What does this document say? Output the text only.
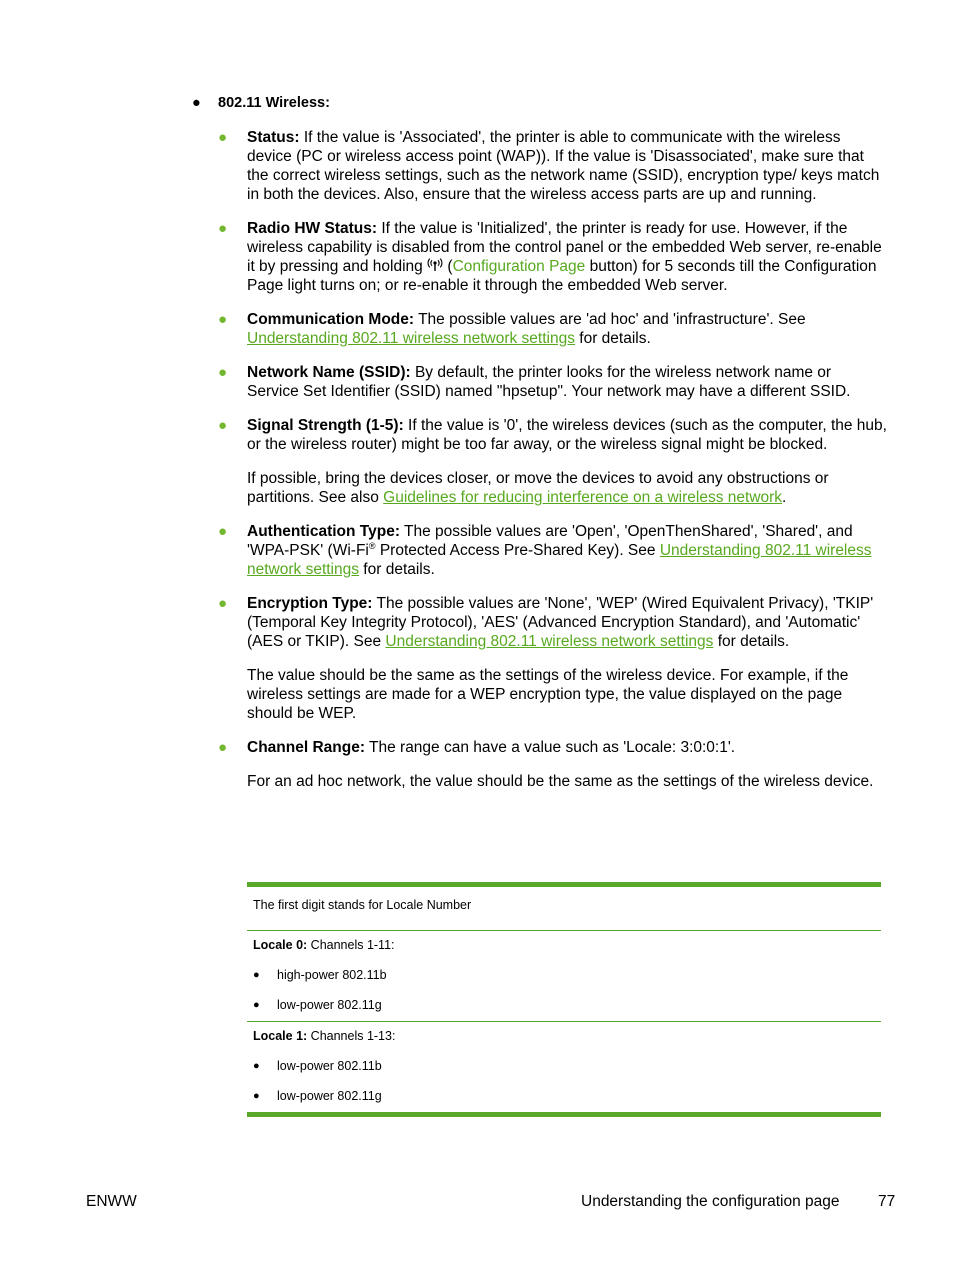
● 802.11 Wireless:
● Status: If the value is 'Associated', the printer is able to communicate with the wireless device (PC or wireless access point (WAP)). If the value is 'Disassociated', make sure that the correct wireless settings, such as the network name (SSID), encryption type/ keys match in both the devices. Also, ensure that the wireless access parts are up and running.

● Radio HW Status: If the value is 'Initialized', the printer is ready for use. However, if the wireless capability is disabled from the control panel or the embedded Web server, re-enable it by pressing and holding  (Configuration Page button) for 5 seconds till the Configuration Page light turns on; or re-enable it through the embedded Web server.

● Communication Mode: The possible values are 'ad hoc' and 'infrastructure'. See Understanding 802.11 wireless network settings for details.

● Network Name (SSID): By default, the printer looks for the wireless network name or Service Set Identifier (SSID) named "hpsetup". Your network may have a different SSID.

● Signal Strength (1-5): If the value is '0', the wireless devices (such as the computer, the hub, or the wireless router) might be too far away, or the wireless signal might be blocked.

If possible, bring the devices closer, or move the devices to avoid any obstructions or partitions. See also Guidelines for reducing interference on a wireless network.

● Authentication Type: The possible values are 'Open', 'OpenThenShared', 'Shared', and 'WPA-PSK' (Wi-Fi® Protected Access Pre-Shared Key). See Understanding 802.11 wireless network settings for details.

● Encryption Type: The possible values are 'None', 'WEP' (Wired Equivalent Privacy), 'TKIP' (Temporal Key Integrity Protocol), 'AES' (Advanced Encryption Standard), and 'Automatic' (AES or TKIP). See Understanding 802.11 wireless network settings for details.

The value should be the same as the settings of the wireless device. For example, if the wireless settings are made for a WEP encryption type, the value displayed on the page should be WEP.

● Channel Range: The range can have a value such as 'Locale: 3:0:0:1'.

For an ad hoc network, the value should be the same as the settings of the wireless device.

The first digit stands for Locale Number
Locale 0: Channels 1-11:
● high-power 802.11b
● low-power 802.11g
Locale 1: Channels 1-13:
● low-power 802.11b
● low-power 802.11g
ENWW	Understanding the configuration page 77
